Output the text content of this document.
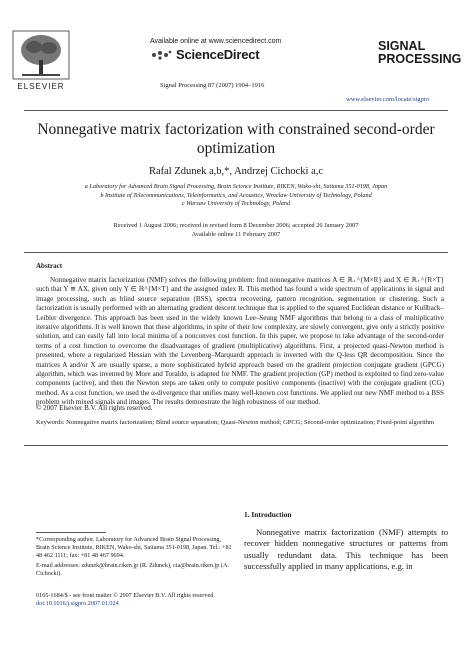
ELSEVIER
Available online at www.sciencedirect.com
ScienceDirect
Signal Processing 87 (2007) 1904–1916
SIGNAL
PROCESSING
www.elsevier.com/locate/sigpro
Nonnegative matrix factorization with constrained second-order optimization
Rafal Zdunek a,b,*, Andrzej Cichocki a,c
a Laboratory for Advanced Brain Signal Processing, Brain Science Institute, RIKEN, Wako-shi, Saitama 351-0198, Japan
b Institute of Telecommunications, Teleinformatics, and Acoustics, Wroclaw University of Technology, Poland
c Warsaw University of Technology, Poland
Received 1 August 2006; received in revised form 8 December 2006; accepted 26 January 2007
Available online 11 February 2007
Abstract
Nonnegative matrix factorization (NMF) solves the following problem: find nonnegative matrices A ∈ ℝ₊^{M×R} and X ∈ ℝ₊^{R×T} such that Y ≅ AX, given only Y ∈ ℝ^{M×T} and the assigned index R. This method has found a wide spectrum of applications in signal and image processing, such as blind source separation (BSS), spectra recovering, pattern recognition, segmentation or clustering. Such a factorization is usually performed with an alternating gradient descent technique that is applied to the squared Euclidean distance or Kullback–Leibler divergence. This approach has been used in the widely known Lee–Seung NMF algorithms that belong to a class of multiplicative iterative algorithms. It is well known that these algorithms, in spite of their low complexity, are slowly convergent, give only a strictly positive solution, and can easily fall into local minima of a nonconvex cost function. In this paper, we propose to take advantage of the second-order terms of a cost function to overcome the disadvantages of gradient (multiplicative) algorithms. First, a projected quasi-Newton method is presented, where a regularized Hessian with the Levenberg–Marquardt approach is inverted with the Q-less QR decomposition. Since the matrices A and/or X are usually sparse, a more sophisticated hybrid approach based on the gradient projection conjugate gradient (GPCG) algorithm, which was invented by More and Toraldo, is adapted for NMF. The gradient projection (GP) method is exploited to find zero-value components (active), and then the Newton steps are taken only to compute positive components (inactive) with the conjugate gradient (CG) method. As a cost function, we used the α-divergence that unifies many well-known cost functions. We applied our new NMF method to a BSS problem with mixed signals and images. The results demonstrate the high robustness of our method.
© 2007 Elsevier B.V. All rights reserved.
Keywords: Nonnegative matrix factorization; Blind source separation; Quasi-Newton method; GPCG; Second-order optimization; Fixed-point algorithm
1. Introduction
Nonnegative matrix factorization (NMF) attempts to recover hidden nonnegative structures or patterns from usually redundant data. This technique has been successfully applied in many applications, e.g. in
*Corresponding author. Laboratory for Advanced Brain Signal Processing, Brain Science Institute, RIKEN, Wako-shi, Saitama 351-0198, Japan. Tel.: +81 48 462 1111; fax: +81 48 467 9694.
E-mail addresses: zdunek@brain.riken.jp (R. Zdunek), cia@brain.riken.jp (A. Cichocki).
0165-1684/$ - see front matter © 2007 Elsevier B.V. All rights reserved.
doi:10.1016/j.sigpro.2007.01.024
